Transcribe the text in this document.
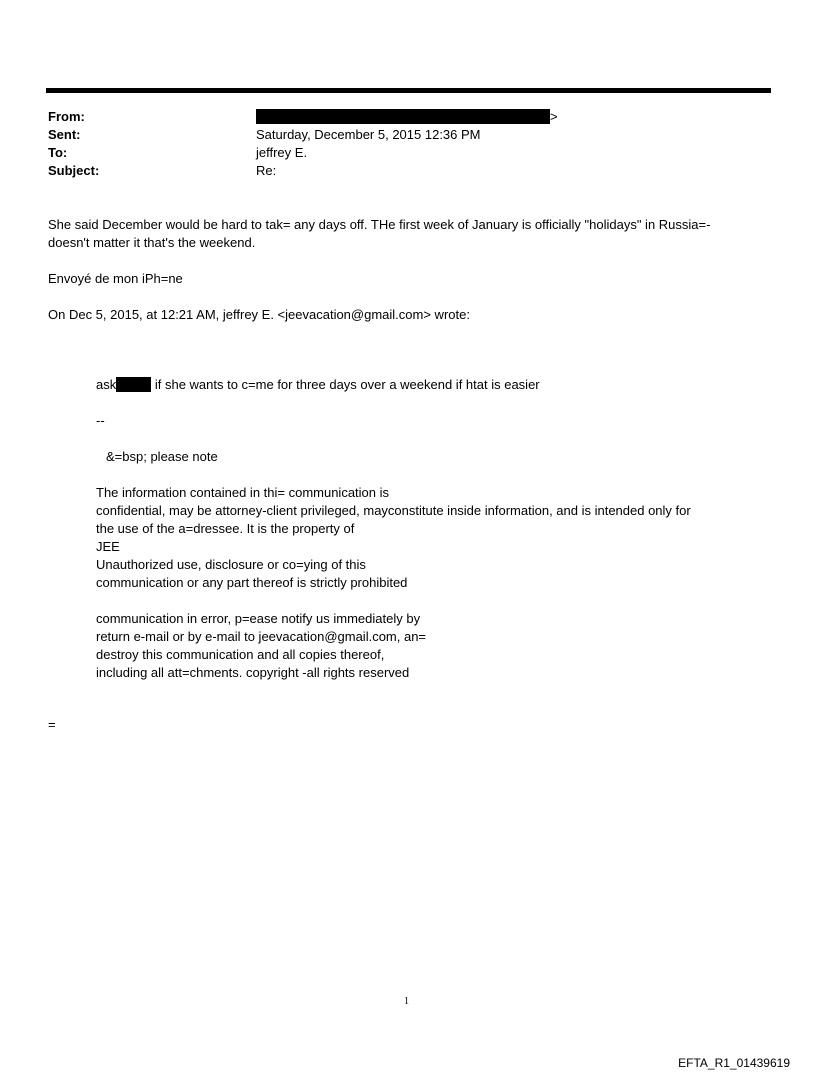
From:	>
Sent:	Saturday, December 5, 2015 12:36 PM
To:	jeffrey E.
Subject:	Re:
She said December would be hard to tak= any days off. THe first week of January is officially "holidays" in Russia=-
doesn't matter it that's the weekend.
Envoyé de mon iPh=ne
On Dec 5, 2015, at 12:21 AM, jeffrey E. <jeevacation@gmail.com> wrote:
ask	if she wants to c=me for three days over a weekend if htat is easier
--
&=bsp; please note
The information contained in thi= communication is
confidential, may be attorney-client privileged, mayconstitute inside information, and is intended only for
the use of the a=dressee. It is the property of
JEE
Unauthorized use, disclosure or co=ying of this
communication or any part thereof is strictly prohibited
communication in error, p=ease notify us immediately by
return e-mail or by e-mail to jeevacation@gmail.com, an=
destroy this communication and all copies thereof,
including all att=chments. copyright -all rights reserved
=
1
EFTA_R1_01439619
